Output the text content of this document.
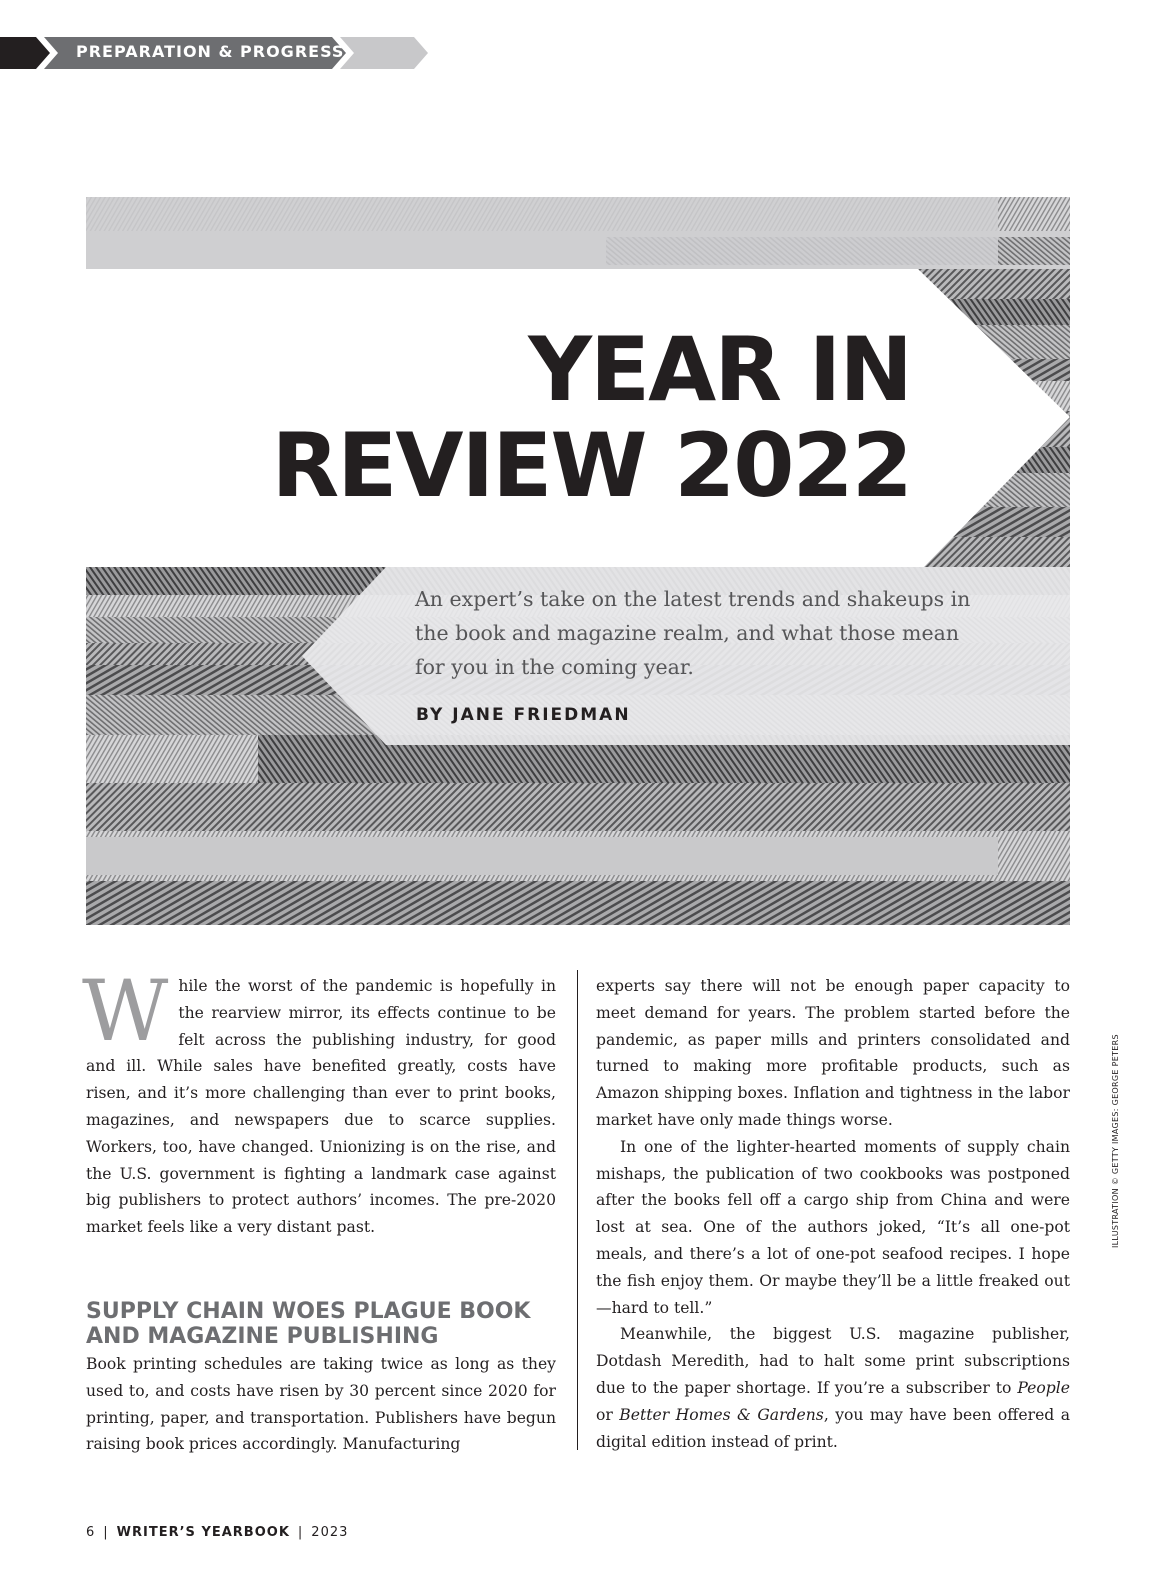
PREPARATION & PROGRESS
YEAR IN
REVIEW 2022

An expert’s take on the latest trends and shakeups in the book and magazine realm, and what those mean for you in the coming year.

BY JANE FRIEDMAN

While the worst of the pandemic is hopefully in the rearview mirror, its effects continue to be felt across the publishing industry, for good and ill. While sales have benefited greatly, costs have risen, and it’s more challenging than ever to print books, magazines, and newspapers due to scarce supplies. Workers, too, have changed. Unionizing is on the rise, and the U.S. government is fighting a landmark case against big publishers to protect authors’ incomes. The pre-2020 market feels like a very distant past.

SUPPLY CHAIN WOES PLAGUE BOOK
AND MAGAZINE PUBLISHING

Book printing schedules are taking twice as long as they used to, and costs have risen by 30 percent since 2020 for printing, paper, and transportation. Publishers have begun raising book prices accordingly. Manufacturing

experts say there will not be enough paper capacity to meet demand for years. The problem started before the pandemic, as paper mills and printers consolidated and turned to making more profitable products, such as Amazon shipping boxes. Inflation and tightness in the labor market have only made things worse.

In one of the lighter-hearted moments of supply chain mishaps, the publication of two cookbooks was postponed after the books fell off a cargo ship from China and were lost at sea. One of the authors joked, “It’s all one-pot meals, and there’s a lot of one-pot seafood recipes. I hope the fish enjoy them. Or maybe they’ll be a little freaked out—hard to tell.”

Meanwhile, the biggest U.S. magazine publisher, Dotdash Meredith, had to halt some print subscriptions due to the paper shortage. If you’re a subscriber to People or Better Homes & Gardens, you may have been offered a digital edition instead of print.

ILLUSTRATION © GETTY IMAGES: GEORGE PETERS
6 | WRITER’S YEARBOOK | 2023
